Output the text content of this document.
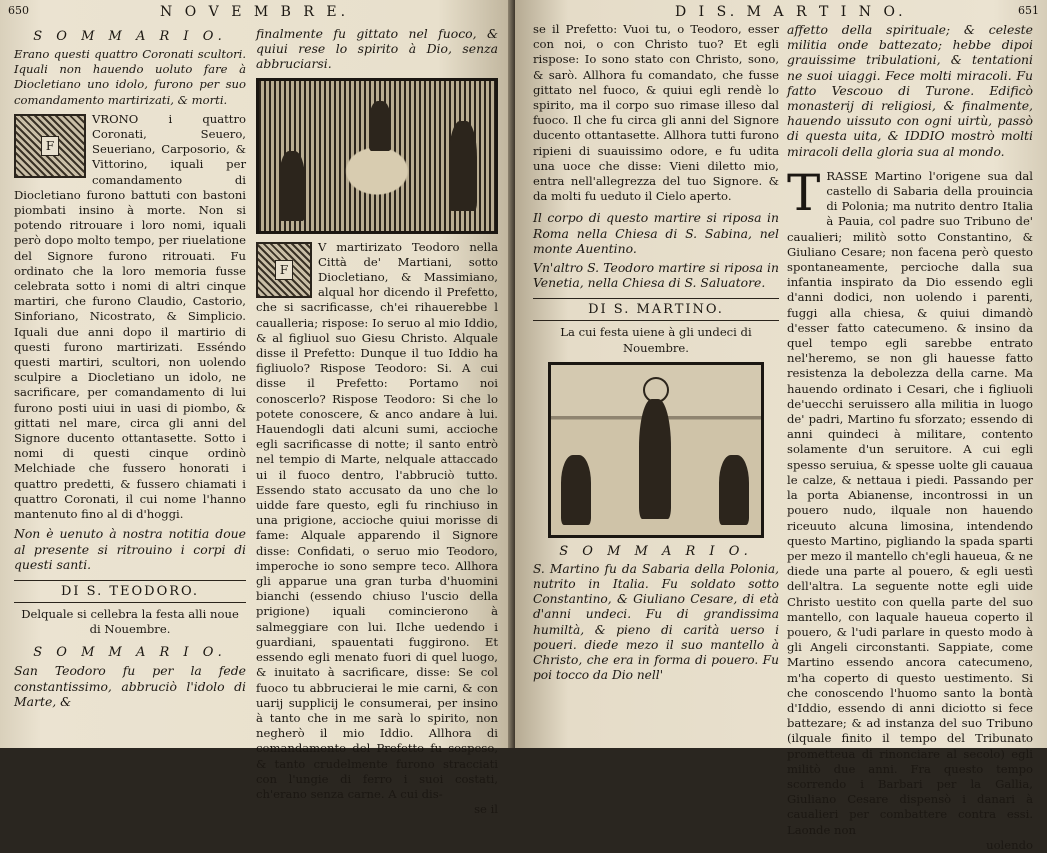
650	N O V E M B R E.
S O M M A R I O.
Erano questi quattro Coronati scultori. Iquali non hauendo uoluto fare à Diocletiano uno idolo, furono per suo comandamento martirizati, & morti.
F
VRONO i quattro Coronati, Seuero, Seueriano, Carposorio, & Vittorino, iquali per comandamento di Diocletiano furono battuti con bastoni piombati insino à morte. Non si potendo ritrouare i loro nomi, iquali però dopo molto tempo, per riuelatione del Signore furono ritrouati. Fu ordinato che la loro memoria fusse celebrata sotto i nomi di altri cinque martiri, che furono Claudio, Castorio, Sinforiano, Nicostrato, & Simplicio. Iquali due anni dopo il martirio di questi furono martirizati. Esséndo questi martiri, scultori, non uolendo sculpire a Diocletiano un idolo, ne sacrificare, per comandamento di lui furono posti uiui in uasi di piombo, & gittati nel mare, circa gli anni del Signore ducento ottantasette. Sotto i nomi di questi cinque ordinò Melchiade che fussero honorati i quattro predetti, & fussero chiamati i quattro Coronati, il cui nome l'hanno mantenuto fino al di d'hoggi.
Non è uenuto à nostra notitia doue al presente si ritrouino i corpi di questi santi.
DI S. TEODORO.
Delquale si cellebra la festa alli noue di Nouembre.
S O M M A R I O.
San Teodoro fu per la fede constantissimo, abbruciò l'idolo di Marte, &
finalmente fu gittato nel fuoco, & quiui rese lo spirito à Dio, senza abbruciarsi.
F
V martirizato Teodoro nella Città de' Martiani, sotto Diocletiano, & Massimiano, alqual hor dicendo il Prefetto, che si sacrificasse, ch'ei rihauerebbe l caualleria; rispose: Io seruo al mio Iddio, & al figliuol suo Giesu Christo. Alquale disse il Prefetto: Dunque il tuo Iddio ha figliuolo? Rispose Teodoro: Si. A cui disse il Prefetto: Portamo noi conoscerlo? Rispose Teodoro: Si che lo potete conoscere, & anco andare à lui. Hauendogli dati alcuni sumi, accioche egli sacrificasse di notte; il santo entrò nel tempio di Marte, nelquale attaccado ui il fuoco dentro, l'abbruciò tutto. Essendo stato accusato da uno che lo uidde fare questo, egli fu rinchiuso in una prigione, accioche quiui morisse di fame: Alquale apparendo il Signore disse: Confidati, o seruo mio Teodoro, imperoche io sono sempre teco. Allhora gli apparue una gran turba d'huomini bianchi (essendo chiuso l'uscio della prigione) iquali comincierono à salmeggiare con lui. Ilche uedendo i guardiani, spauentati fuggirono. Et essendo egli menato fuori di quel luogo, & inuitato à sacrificare, disse: Se col fuoco tu abbrucierai le mie carni, & con uarij supplicij le consumerai, per insino à tanto che in me sarà lo spirito, non negherò il mio Iddio. Allhora di comandamento del Prefetto fu sospeso, & tanto crudelmente furono stracciati con l'ungie di ferro i suoi costati, ch'erano senza carne. A cui dis-
se il
D I S. M A R T I N O.	651
se il Prefetto: Vuoi tu, o Teodoro, esser con noi, o con Christo tuo? Et egli rispose: Io sono stato con Christo, sono, & sarò. Allhora fu comandato, che fusse gittato nel fuoco, & quiui egli rendè lo spirito, ma il corpo suo rimase illeso dal fuoco. Il che fu circa gli anni del Signore ducento ottantasette. Allhora tutti furono ripieni di suauissimo odore, e fu udita una uoce che disse: Vieni diletto mio, entra nell'allegrezza del tuo Signore. & da molti fu ueduto il Cielo aperto.
Il corpo di questo martire si riposa in Roma nella Chiesa di S. Sabina, nel monte Auentino.
Vn'altro S. Teodoro martire si riposa in Venetia, nella Chiesa di S. Saluatore.
DI S. MARTINO.
La cui festa uiene à gli undeci di Nouembre.
S O M M A R I O.
S. Martino fu da Sabaria della Polonia, nutrito in Italia. Fu soldato sotto Constantino, & Giuliano Cesare, di età d'anni undeci. Fu di grandissima humiltà, & pieno di carità uerso i poueri. diede mezo il suo mantello à Christo, che era in forma di pouero. Fu poi tocco da Dio nell'
affetto della spirituale; & celeste militia onde battezato; hebbe dipoi grauissime tribulationi, & tentationi ne suoi uiaggi. Fece molti miracoli. Fu fatto Vescouo di Turone. Edificò monasterij di religiosi, & finalmente, hauendo uissuto con ogni uirtù, passò di questa uita, & IDDIO mostrò molti miracoli della gloria sua al mondo.
T RASSE Martino l'origene sua dal castello di Sabaria della prouincia di Polonia; ma nutrito dentro Italia à Pauia, col padre suo Tribuno de' caualieri; militò sotto Constantino, & Giuliano Cesare; non facena però questo spontaneamente, percioche dalla sua infantia inspirato da Dio essendo egli d'anni dodici, non uolendo i parenti, fuggi alla chiesa, & quiui dimandò d'esser fatto catecumeno. & insino da quel tempo egli sarebbe entrato nel'heremo, se non gli hauesse fatto resistenza la debolezza della carne. Ma hauendo ordinato i Cesari, che i figliuoli de'uecchi seruissero alla militia in luogo de' padri, Martino fu sforzato; essendo di anni quindeci à militare, contento solamente d'un seruitore. A cui egli spesso seruiua, & spesse uolte gli cauaua le calze, & nettaua i piedi. Passando per la porta Abianense, incontrossi in un pouero nudo, ilquale non hauendo riceuuto alcuna limosina, intendendo questo Martino, pigliando la spada sparti per mezo il mantello ch'egli haueua, & ne diede una parte al pouero, & egli uestì dell'altra. La seguente notte egli uide Christo uestito con quella parte del suo mantello, con laquale haueua coperto il pouero, & l'udi parlare in questo modo à gli Angeli circonstanti. Sappiate, come Martino essendo ancora catecumeno, m'ha coperto di questo uestimento. Si che conoscendo l'huomo santo la bontà d'Iddio, essendo di anni diciotto si fece battezare; & ad instanza del suo Tribuno (ilquale finito il tempo del Tribunato prometteua di rinonciare al secolo) egli militò due anni. Fra questo tempo scorrendo i Barbari per la Gallia, Giuliano Cesare dispensò i danari à caualieri per combattere contra essi. Laonde non
uolendo
